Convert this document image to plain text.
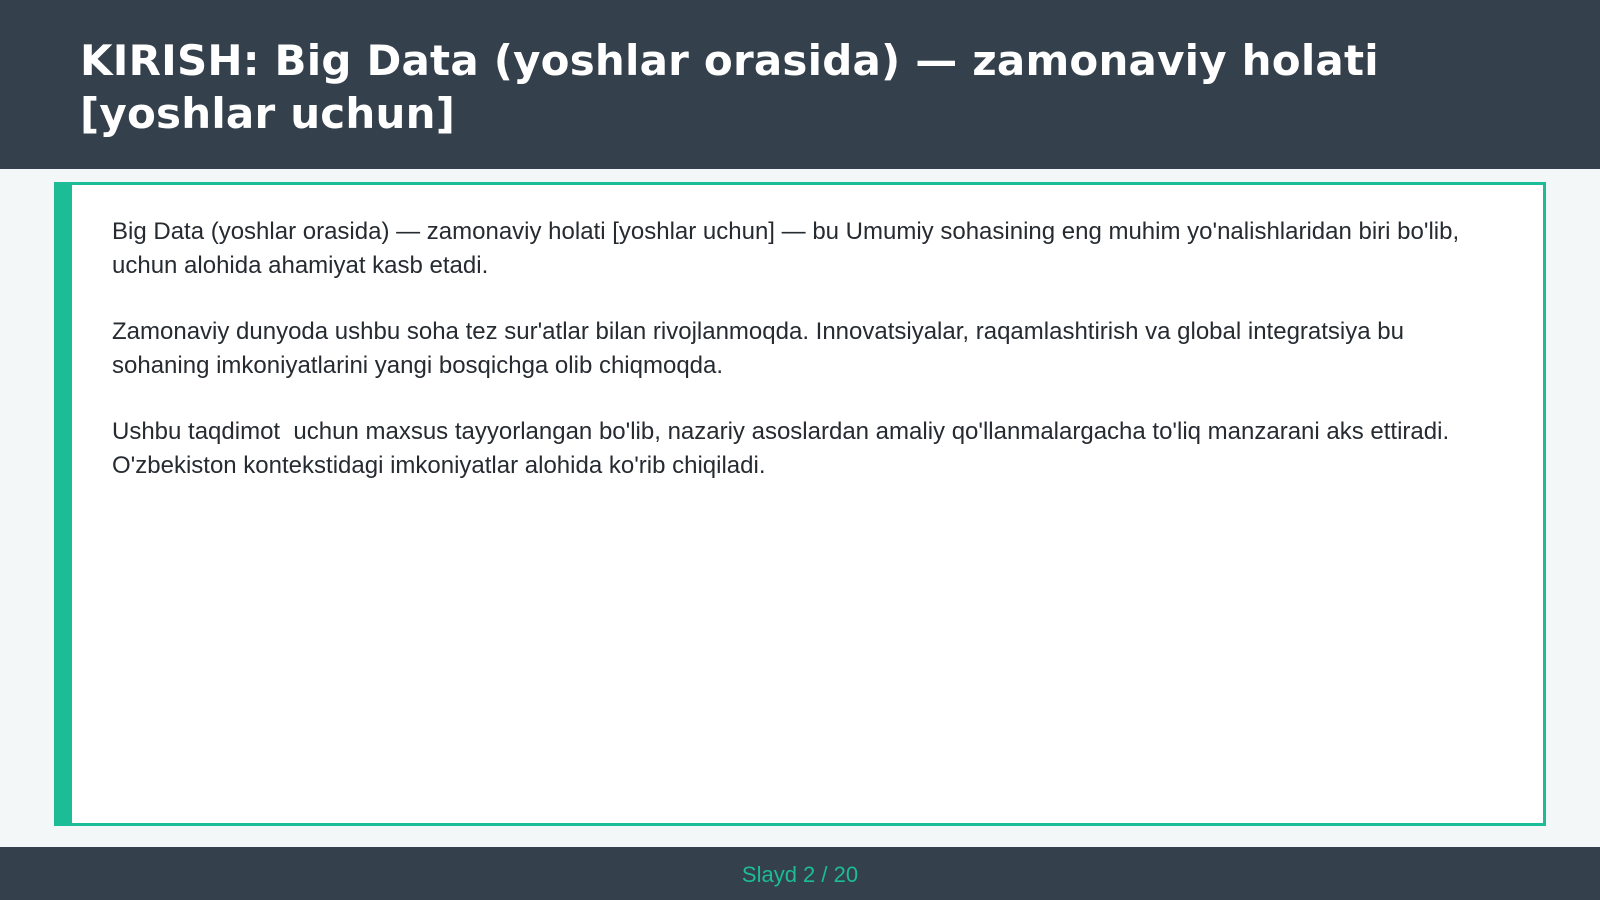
KIRISH: Big Data (yoshlar orasida) — zamonaviy holati [yoshlar uchun]

Big Data (yoshlar orasida) — zamonaviy holati [yoshlar uchun] — bu Umumiy sohasining eng muhim yo'nalishlaridan biri bo'lib,  uchun alohida ahamiyat kasb etadi.

Zamonaviy dunyoda ushbu soha tez sur'atlar bilan rivojlanmoqda. Innovatsiyalar, raqamlashtirish va global integratsiya bu sohaning imkoniyatlarini yangi bosqichga olib chiqmoqda.

Ushbu taqdimot  uchun maxsus tayyorlangan bo'lib, nazariy asoslardan amaliy qo'llanmalargacha to'liq manzarani aks ettiradi. O'zbekiston kontekstidagi imkoniyatlar alohida ko'rib chiqiladi.

Slayd 2 / 20
